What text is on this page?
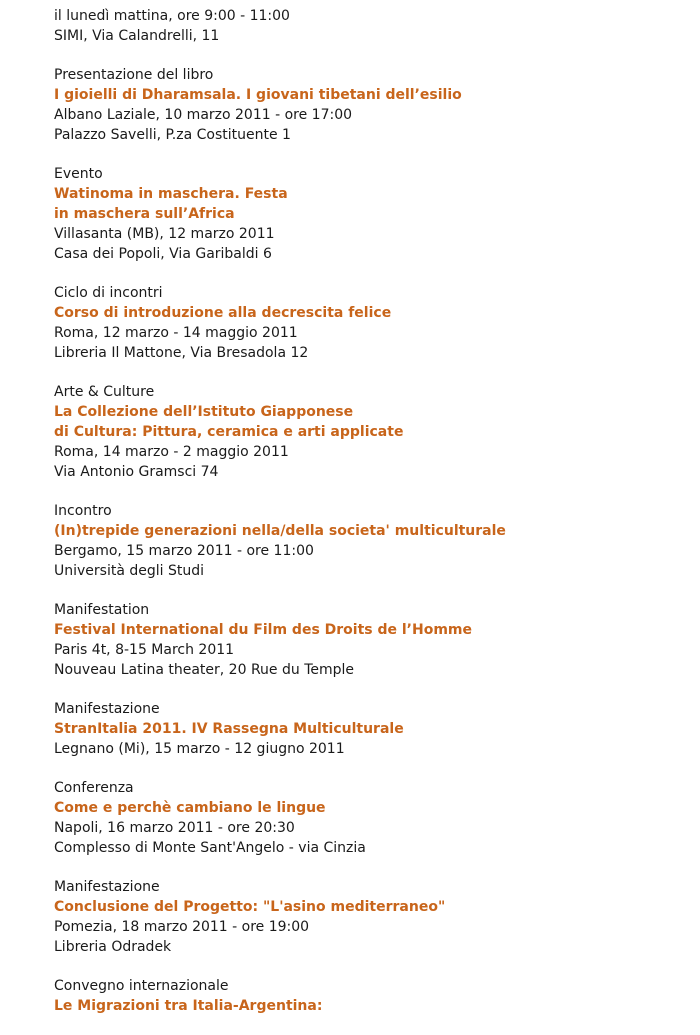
il lunedì mattina, ore 9:00 - 11:00
SIMI, Via Calandrelli, 11
Presentazione del libro
I gioielli di Dharamsala. I giovani tibetani dell’esilio
Albano Laziale, 10 marzo 2011 - ore 17:00
Palazzo Savelli, P.za Costituente 1
Evento
Watinoma in maschera. Festa
in maschera sull’Africa
Villasanta (MB), 12 marzo 2011
Casa dei Popoli, Via Garibaldi 6
Ciclo di incontri
Corso di introduzione alla decrescita felice
Roma, 12 marzo - 14 maggio 2011
Libreria Il Mattone, Via Bresadola 12
Arte & Culture
La Collezione dell’Istituto Giapponese
di Cultura: Pittura, ceramica e arti applicate
Roma, 14 marzo - 2 maggio 2011
Via Antonio Gramsci 74
Incontro
(In)trepide generazioni nella/della societa' multiculturale
Bergamo, 15 marzo 2011 - ore 11:00
Università degli Studi
Manifestation
Festival International du Film des Droits de l’Homme
Paris 4t, 8-15 March 2011
Nouveau Latina theater, 20 Rue du Temple
Manifestazione
StranItalia 2011. IV Rassegna Multiculturale
Legnano (Mi), 15 marzo - 12 giugno 2011
Conferenza
Come e perchè cambiano le lingue
Napoli, 16 marzo 2011 - ore 20:30
Complesso di Monte Sant'Angelo - via Cinzia
Manifestazione
Conclusione del Progetto: "L'asino mediterraneo"
Pomezia, 18 marzo 2011 - ore 19:00
Libreria Odradek
Convegno internazionale
Le Migrazioni tra Italia-Argentina:
